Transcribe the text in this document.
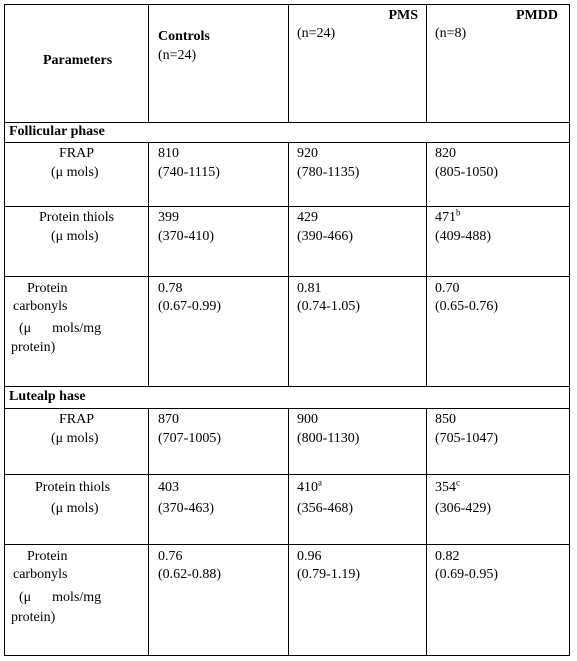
Parameters
Controls
(n=24)
PMS
(n=24)
PMDD
(n=8)
Follicular phase
FRAP
(μ mols)
810
(740-1115)
920
(780-1135)
820
(805-1050)
Protein thiols
(μ mols)
399
(370-410)
429
(390-466)
471$^b$
(409-488)
Protein
carbonyls
(μ      mols/mg
protein)
0.78
(0.67-0.99)
0.81
(0.74-1.05)
0.70
(0.65-0.76)
Lutealp hase
FRAP
(μ mols)
870
(707-1005)
900
(800-1130)
850
(705-1047)
Protein thiols
(μ mols)
403
(370-463)
410$^a$
(356-468)
354$^c$
(306-429)
Protein
carbonyls
(μ      mols/mg
protein)
0.76
(0.62-0.88)
0.96
(0.79-1.19)
0.82
(0.69-0.95)
